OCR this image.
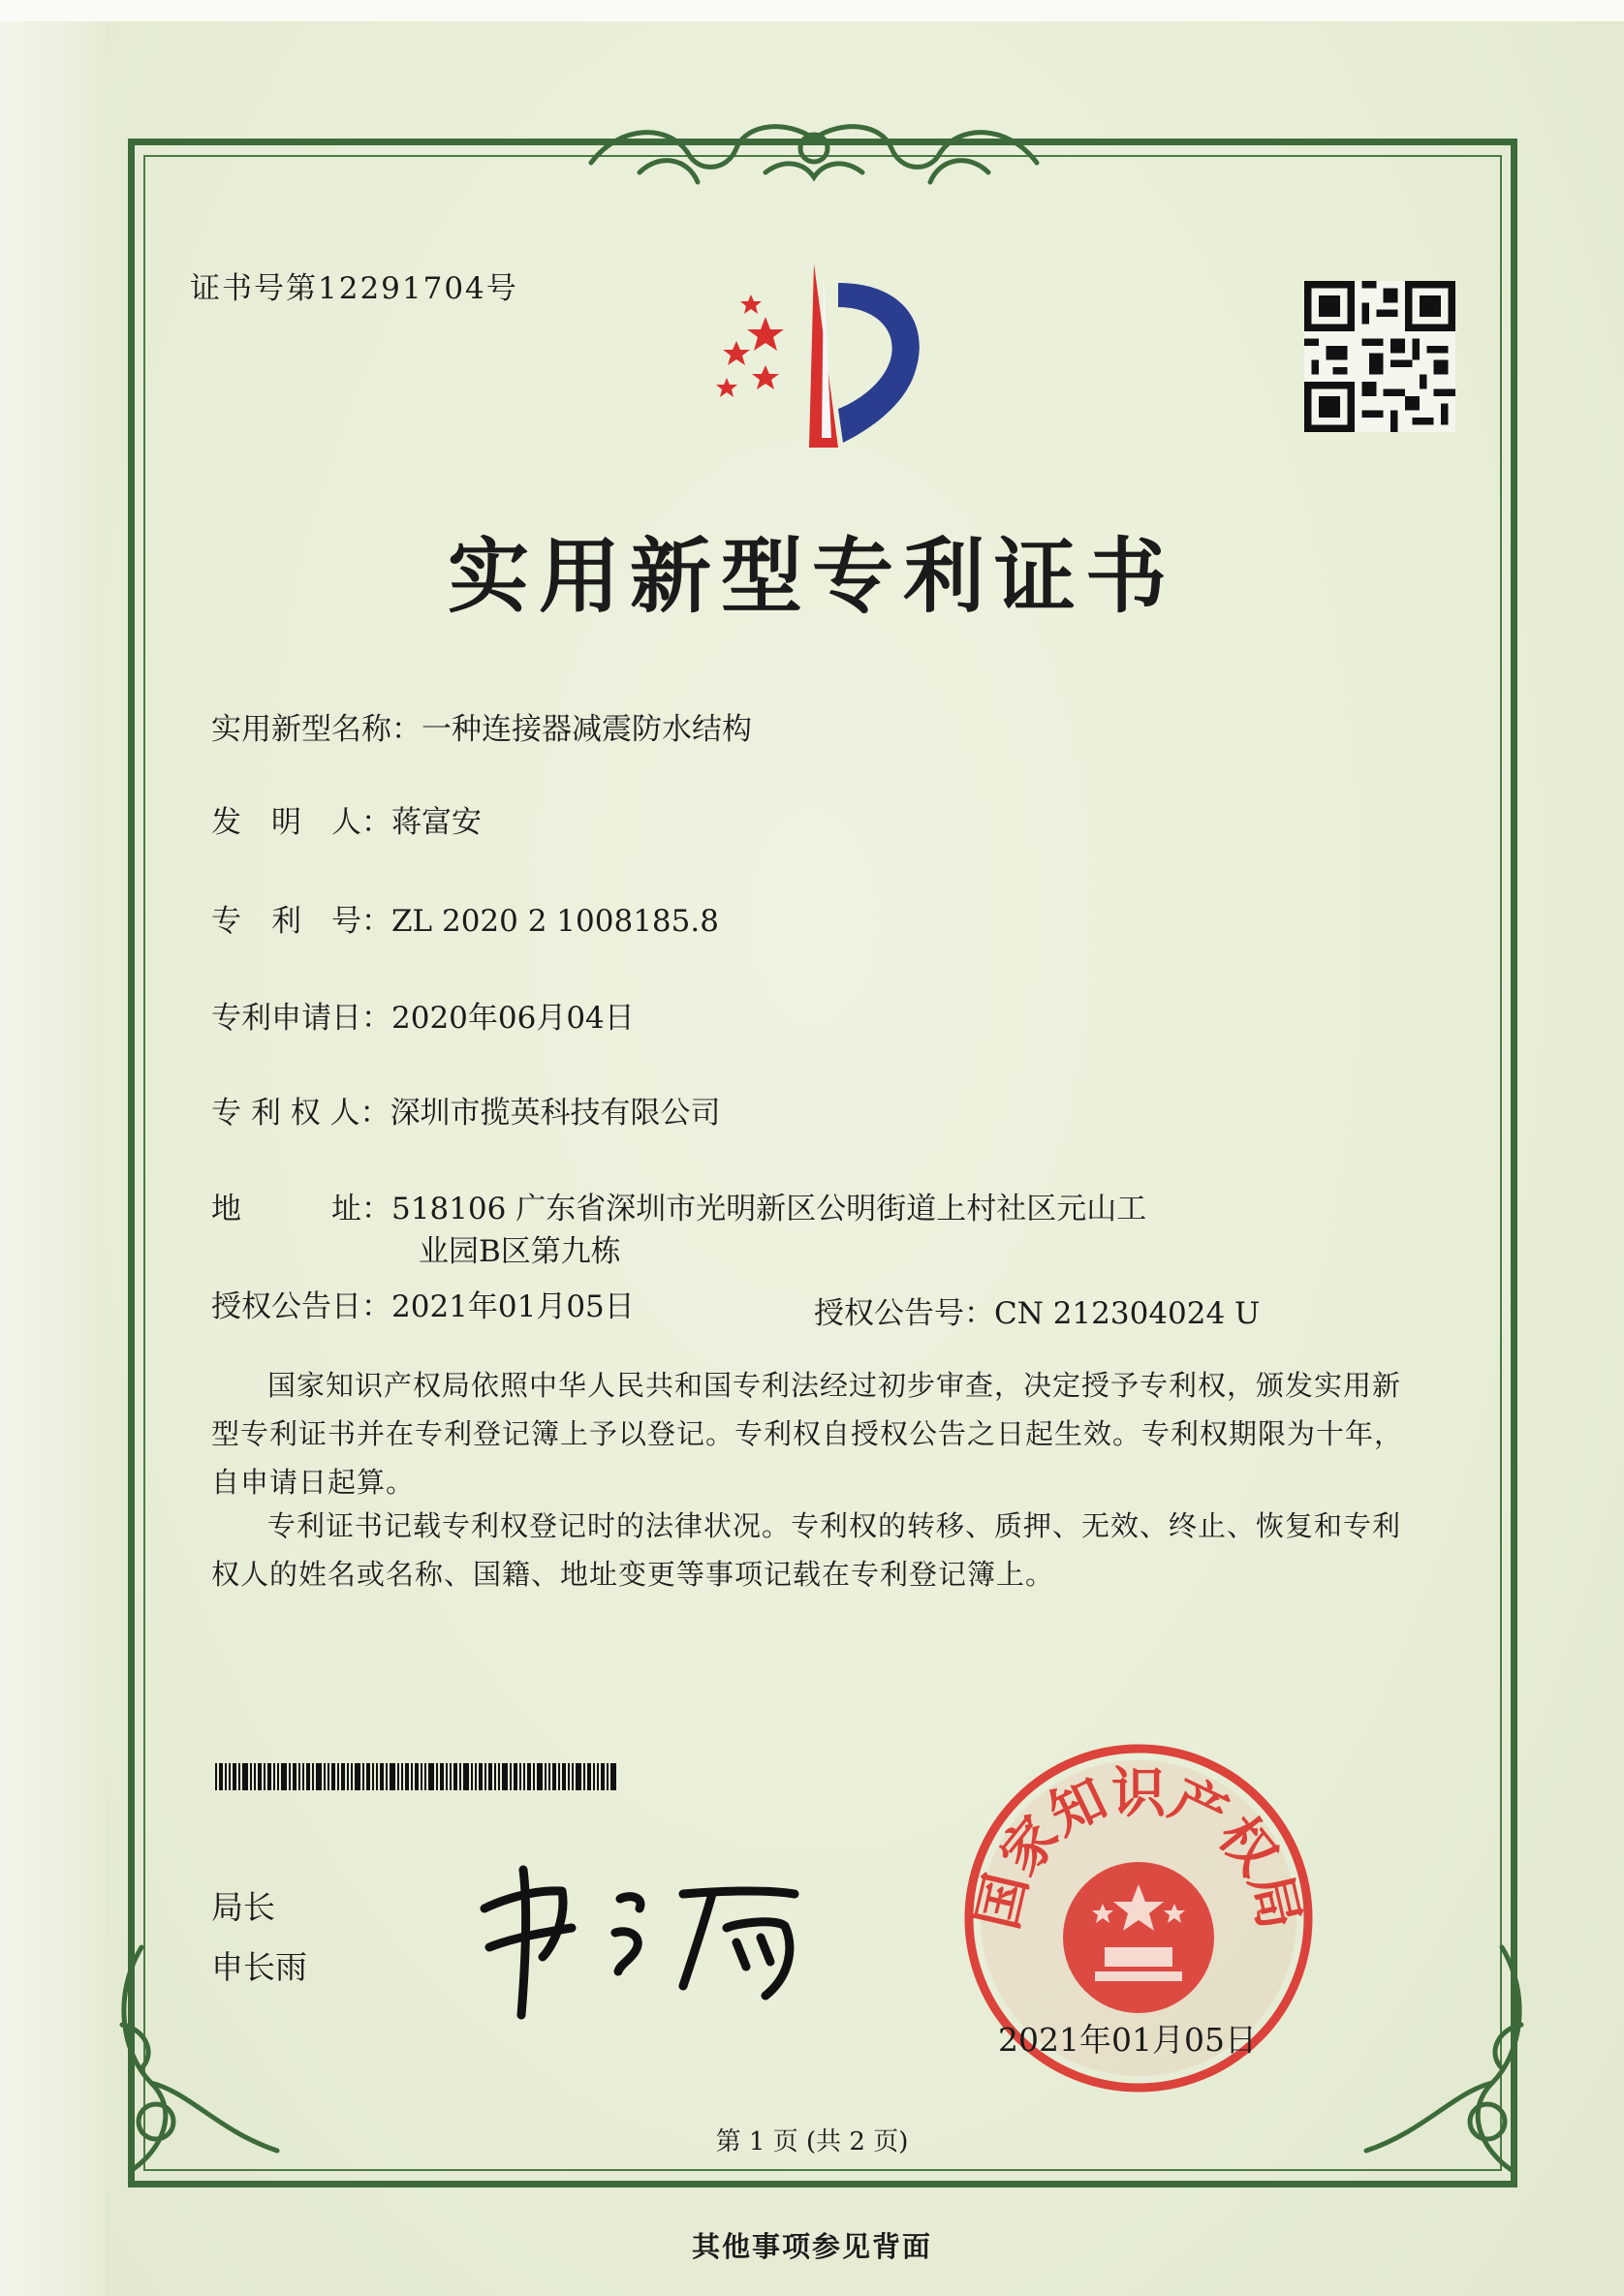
证书号第12291704号
实用新型专利证书
实用新型名称：一种连接器减震防水结构
发　明　人：蒋富安
专　利　号：ZL 2020 2 1008185.8
专利申请日：2020年06月04日
专 利 权 人：深圳市揽英科技有限公司
地　　　址：518106 广东省深圳市光明新区公明街道上村社区元山工
业园B区第九栋
授权公告日：2021年01月05日	授权公告号：CN 212304024 U
国家知识产权局依照中华人民共和国专利法经过初步审查，决定授予专利权，颁发实用新型专利证书并在专利登记簿上予以登记。专利权自授权公告之日起生效。专利权期限为十年，自申请日起算。
专利证书记载专利权登记时的法律状况。专利权的转移、质押、无效、终止、恢复和专利权人的姓名或名称、国籍、地址变更等事项记载在专利登记簿上。
局长
申长雨
国家知识产权局
2021年01月05日
第 1 页 (共 2 页)
其他事项参见背面
